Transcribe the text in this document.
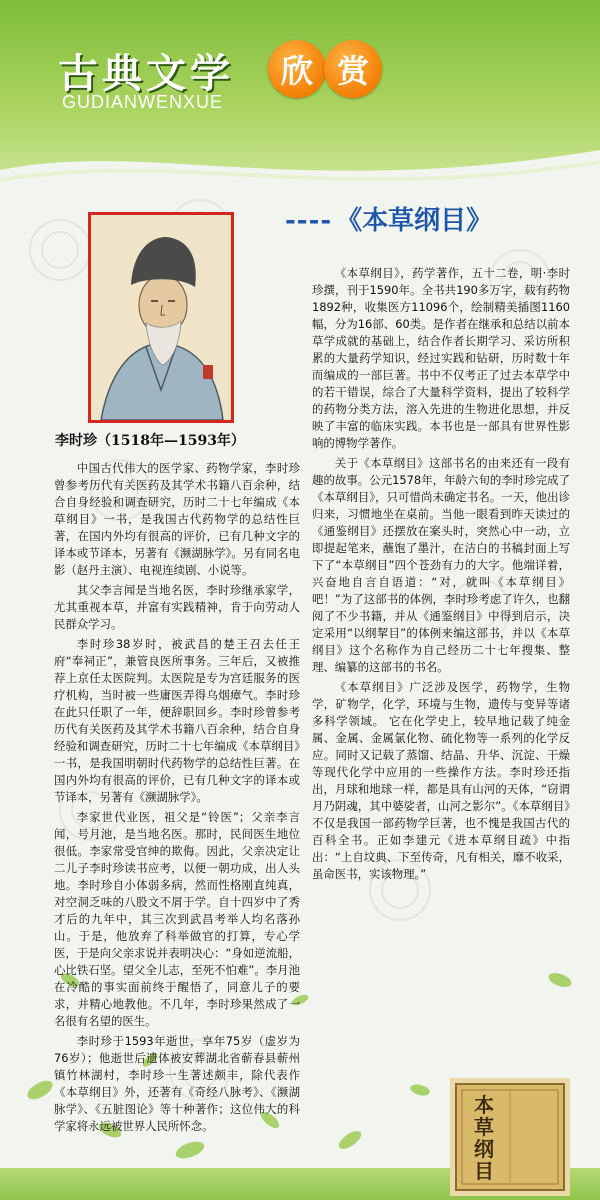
古典文学	欣 赏
GUDIANWENXUE
---- 《本草纲目》
李时珍（1518年—1593年）

中国古代伟大的医学家、药物学家，李时珍曾参考历代有关医药及其学术书籍八百余种，结合自身经验和调查研究，历时二十七年编成《本草纲目》一书，是我国古代药物学的总结性巨著，在国内外均有很高的评价，已有几种文字的译本或节译本，另著有《濒湖脉学》。另有同名电影（赵丹主演）、电视连续剧、小说等。

其父李言闻是当地名医，李时珍继承家学，尤其重视本草，并富有实践精神，肯于向劳动人民群众学习。

李时珍38岁时，被武昌的楚王召去任王府“奉祠正”，兼管良医所事务。三年后，又被推荐上京任太医院判。太医院是专为宫廷服务的医疗机构，当时被一些庸医弄得乌烟瘴气。李时珍在此只任职了一年，便辞职回乡。李时珍曾参考历代有关医药及其学术书籍八百余种，结合自身经验和调查研究，历时二十七年编成《本草纲目》一书，是我国明朝时代药物学的总结性巨著。在国内外均有很高的评价，已有几种文字的译本或节译本，另著有《濒湖脉学》。

李家世代业医，祖父是“铃医”；父亲李言闻，号月池，是当地名医。那时，民间医生地位很低。李家常受官绅的欺侮。因此，父亲决定让二儿子李时珍读书应考，以便一朝功成，出人头地。李时珍自小体弱多病，然而性格刚直纯真，对空洞乏味的八股文不屑于学。自十四岁中了秀才后的九年中，其三次到武昌考举人均名落孙山。于是，他放弃了科举做官的打算，专心学医，于是向父亲求说并表明决心：“身如逆流船，心比铁石坚。望父全儿志，至死不怕难”。李月池在冷酷的事实面前终于醒悟了，同意儿子的要求，并精心地教他。不几年，李时珍果然成了一名很有名望的医生。

李时珍于1593年逝世，享年75岁（虚岁为76岁）；他逝世后遗体被安葬湖北省蕲春县蕲州镇竹林湖村，李时珍一生著述颇丰，除代表作《本草纲目》外，还著有《奇经八脉考》、《濒湖脉学》、《五脏图论》等十种著作；这位伟大的科学家将永远被世界人民所怀念。

《本草纲目》，药学著作，五十二卷，明·李时珍撰，刊于1590年。全书共190多万字，载有药物1892种，收集医方11096个，绘制精美插图1160幅，分为16部、60类。是作者在继承和总结以前本草学成就的基础上，结合作者长期学习、采访所积累的大量药学知识，经过实践和钻研，历时数十年而编成的一部巨著。书中不仅考正了过去本草学中的若干错误，综合了大量科学资料，提出了较科学的药物分类方法，溶入先进的生物进化思想，并反映了丰富的临床实践。本书也是一部具有世界性影响的博物学著作。

关于《本草纲目》这部书名的由来还有一段有趣的故事。公元1578年，年龄六旬的李时珍完成了《本草纲目》，只可惜尚未确定书名。一天，他出诊归来，习惯地坐在桌前。当他一眼看到昨天读过的《通鉴纲目》还摆放在案头时，突然心中一动，立即提起笔来，蘸饱了墨汁，在洁白的书稿封面上写下了“本草纲目”四个苍劲有力的大字。他端详着，兴奋地自言自语道：“对，就叫《本草纲目》吧！”为了这部书的体例，李时珍考虑了许久，也翻阅了不少书籍，并从《通鉴纲目》中得到启示，决定采用“以纲挈目”的体例来编这部书，并以《本草纲目》这个名称作为自己经历二十七年搜集、整理、编纂的这部书的书名。

《本草纲目》广泛涉及医学，药物学，生物学，矿物学，化学，环境与生物，遗传与变异等诸多科学领域。 它在化学史上，较早地记载了纯金属、金属、金属氯化物、硫化物等一系列的化学反应。同时又记载了蒸馏、结晶、升华、沉淀、干燥等现代化学中应用的一些操作方法。李时珍还指出，月球和地球一样，都是具有山河的天体，“窃谓月乃阴魂，其中婆娑者，山河之影尔”。《本草纲目》不仅是我国一部药物学巨著，也不愧是我国古代的百科全书。正如李建元《进本草纲目疏》中指出：“上自坟典、下至传奇，凡有相关，靡不收采，虽命医书，实该物理。”

本草纲目
